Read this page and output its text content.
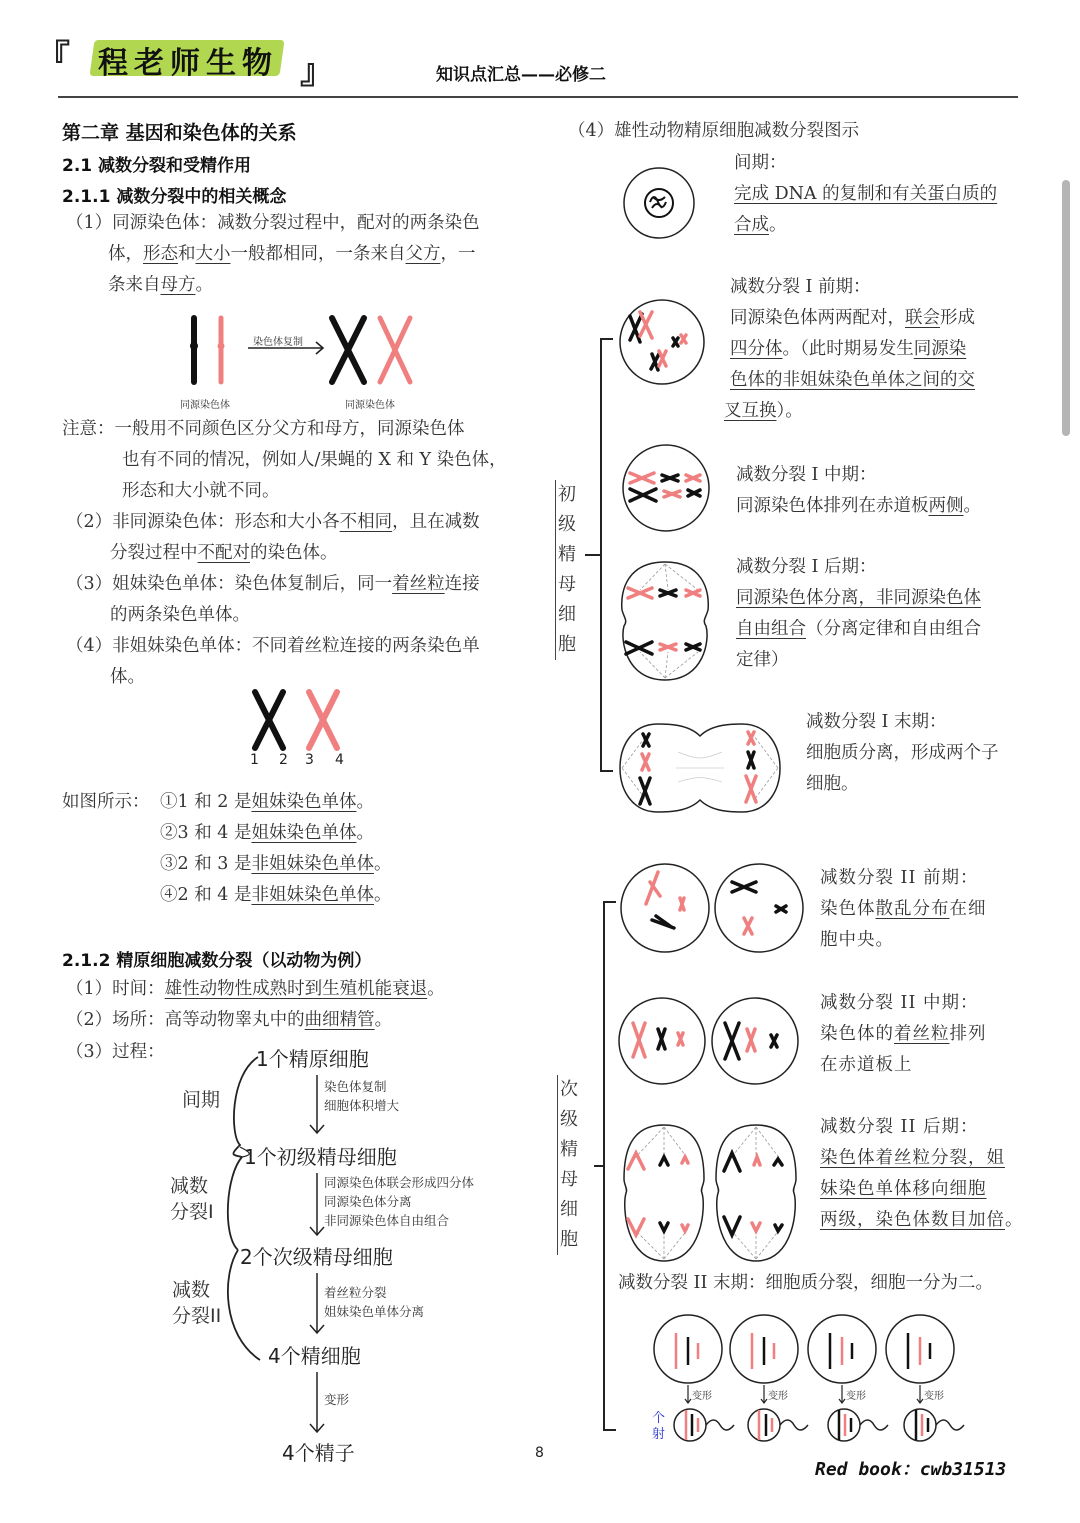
『 程老师生物 』	知识点汇总——必修二
第二章 基因和染色体的关系
2.1 减数分裂和受精作用
2.1.1 减数分裂中的相关概念
（1）同源染色体：减数分裂过程中，配对的两条染色
体，形态和大小一般都相同，一条来自父方，一
条来自母方。
染色体复制
同源染色体	同源染色体
注意：一般用不同颜色区分父方和母方，同源染色体
也有不同的情况，例如人/果蝇的 X 和 Y 染色体，
形态和大小就不同。
（2）非同源染色体：形态和大小各不相同，且在减数
分裂过程中不配对的染色体。
（3）姐妹染色单体：染色体复制后，同一着丝粒连接
的两条染色单体。
（4）非姐妹染色单体：不同着丝粒连接的两条染色单
体。
1 2 3 4
如图所示： ①1 和 2 是姐妹染色单体。
②3 和 4 是姐妹染色单体。
③2 和 3 是非姐妹染色单体。
④2 和 4 是非姐妹染色单体。
2.1.2 精原细胞减数分裂（以动物为例）
（1）时间：雄性动物性成熟时到生殖机能衰退。
（2）场所：高等动物睾丸中的曲细精管。
（3）过程：	1个精原细胞
1个初级精母细胞
2个次级精母细胞
4个精细胞
4个精子
间期
减数
分裂I
减数
分裂II
染色体复制
细胞体积增大
同源染色体联会形成四分体
同源染色体分离
非同源染色体自由组合
着丝粒分裂
姐妹染色单体分离
变形
8
（4）雄性动物精原细胞减数分裂图示
间期：
完成 DNA 的复制和有关蛋白质的
合成。
初
级
精
母
细
胞
减数分裂 I 前期：
同源染色体两两配对，联会形成
四分体。（此时期易发生同源染
色体的非姐妹染色单体之间的交
叉互换）。
减数分裂 I 中期：
同源染色体排列在赤道板两侧。
减数分裂 I 后期：
同源染色体分离，非同源染色体
自由组合（分离定律和自由组合
定律）
减数分裂 I 末期：
细胞质分离，形成两个子
细胞。
次
级
精
母
细
胞
减数分裂 II 前期：
染色体散乱分布在细
胞中央。
减数分裂 II 中期：
染色体的着丝粒排列
在赤道板上
减数分裂 II 后期：
染色体着丝粒分裂，姐
妹染色单体移向细胞
两级，染色体数目加倍。
减数分裂 II 末期：细胞质分裂，细胞一分为二。
变形	变形	变形	变形
个
射
Red book：cwb31513
